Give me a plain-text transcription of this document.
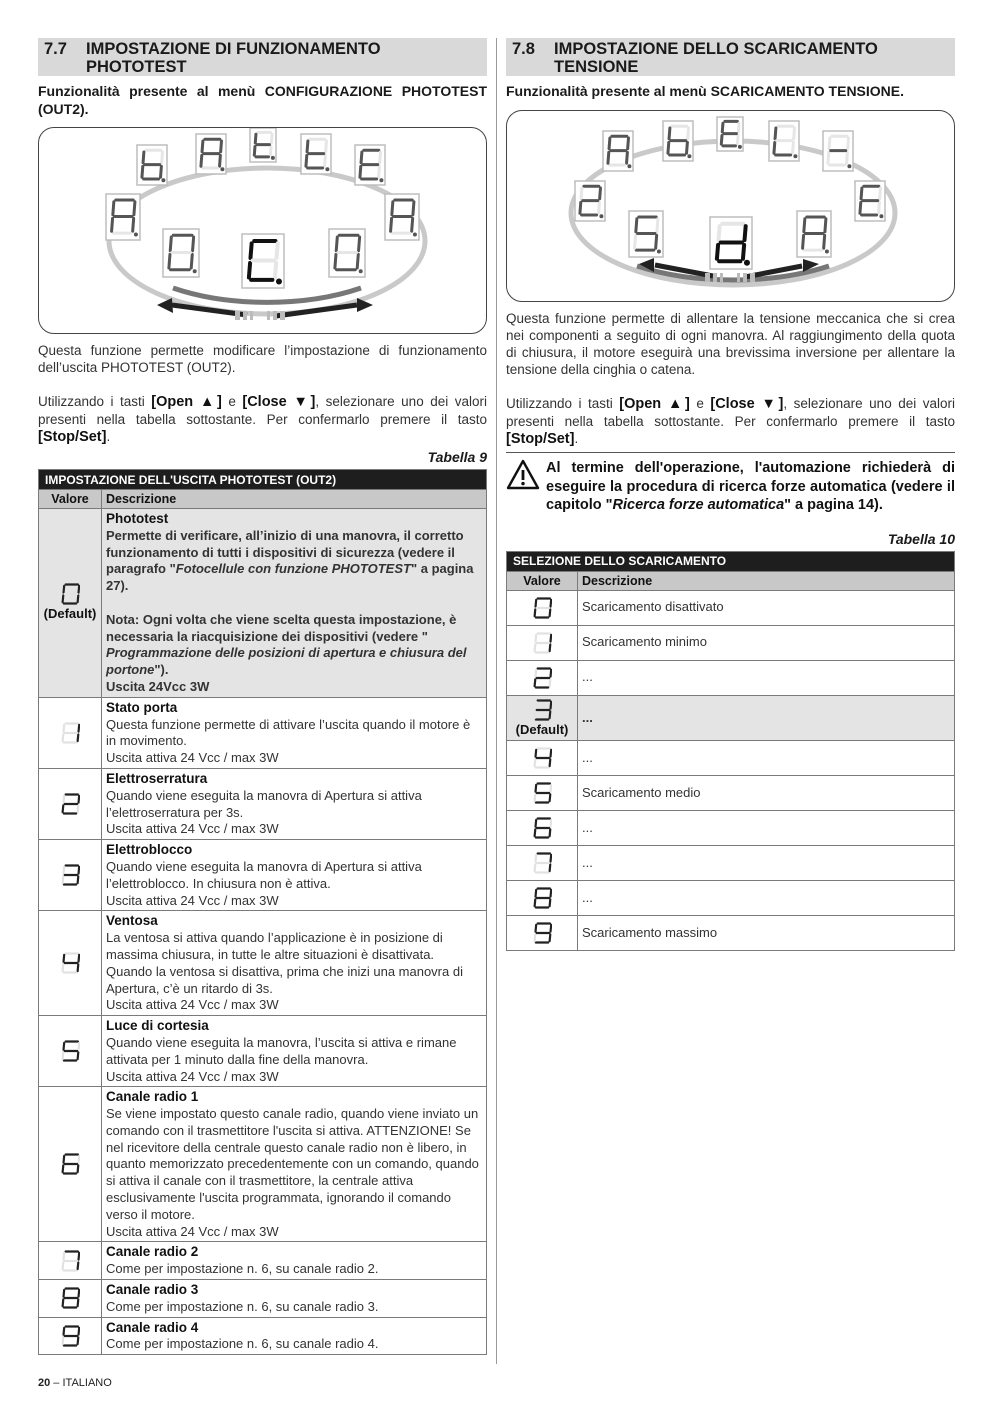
7.7	IMPOSTAZIONE DI FUNZIONAMENTO PHOTOTEST
Funzionalità presente al menù CONFIGURAZIONE PHOTOTEST (OUT2).
Questa funzione permette modificare l’impostazione di funzionamento dell’uscita PHOTOTEST (OUT2).
Utilizzando i tasti [Open ▲] e [Close ▼], selezionare uno dei valori presenti nella tabella sottostante. Per confermarlo premere il tasto [Stop/Set].
Tabella 9
IMPOSTAZIONE DELL'USCITA PHOTOTEST (OUT2)	
Valore	Descrizione

(Default)	Phototest
Permette di verificare, all’inizio di una manovra, il corretto funzionamento di tutti i dispositivi di sicurezza (vedere il paragrafo "Fotocellule con funzione PHOTOTEST" a pagina 27).
Nota: Ogni volta che viene scelta questa impostazione, è necessaria la riacquisizione dei dispositivi (vedere " Programmazione delle posizioni di apertura e chiusura del portone").
Uscita 24Vcc 3W

Stato porta
Questa funzione permette di attivare l’uscita quando il motore è in movimento.
Uscita attiva 24 Vcc / max 3W

Elettroserratura
Quando viene eseguita la manovra di Apertura si attiva l’elettroserratura per 3s.
Uscita attiva 24 Vcc / max 3W

Elettroblocco
Quando viene eseguita la manovra di Apertura si attiva l’elettroblocco. In chiusura non è attiva.
Uscita attiva 24 Vcc / max 3W

Ventosa
La ventosa si attiva quando l’applicazione è in posizione di massima chiusura, in tutte le altre situazioni è disattivata. Quando la ventosa si disattiva, prima che inizi una manovra di Apertura, c’è un ritardo di 3s.
Uscita attiva 24 Vcc / max 3W

Luce di cortesia
Quando viene eseguita la manovra, l’uscita si attiva e rimane attivata per 1 minuto dalla fine della manovra.
Uscita attiva 24 Vcc / max 3W

Canale radio 1
Se viene impostato questo canale radio, quando viene inviato un comando con il trasmettitore l'uscita si attiva. ATTENZIONE! Se nel ricevitore della centrale questo canale radio non è libero, in quanto memorizzato precedentemente con un comando, quando si attiva il canale con il trasmettitore, la centrale attiva esclusivamente l'uscita programmata, ignorando il comando verso il motore.
Uscita attiva 24 Vcc / max 3W

Canale radio 2
Come per impostazione n. 6, su canale radio 2.

Canale radio 3
Come per impostazione n. 6, su canale radio 3.

Canale radio 4
Come per impostazione n. 6, su canale radio 4.
7.8	IMPOSTAZIONE DELLO SCARICAMENTO TENSIONE
Funzionalità presente al menù SCARICAMENTO TENSIONE.
Questa funzione permette di allentare la tensione meccanica che si crea nei componenti a seguito di ogni manovra. Al raggiungimento della quota di chiusura, il motore eseguirà una brevissima inversione per allentare la tensione della cinghia o catena.
Utilizzando i tasti [Open ▲] e [Close ▼], selezionare uno dei valori presenti nella tabella sottostante. Per confermarlo premere il tasto [Stop/Set].
Al termine dell'operazione, l'automazione richiederà di eseguire la procedura di ricerca forze automatica (vedere il capitolo "Ricerca forze automatica" a pagina 14).
Tabella 10
SELEZIONE DELLO SCARICAMENTO	
Valore	Descrizione

	Scaricamento disattivato

	Scaricamento minimo

	...

(Default)	...

	...

	Scaricamento medio

	...

	...

	...

	Scaricamento massimo
20 – ITALIANO
